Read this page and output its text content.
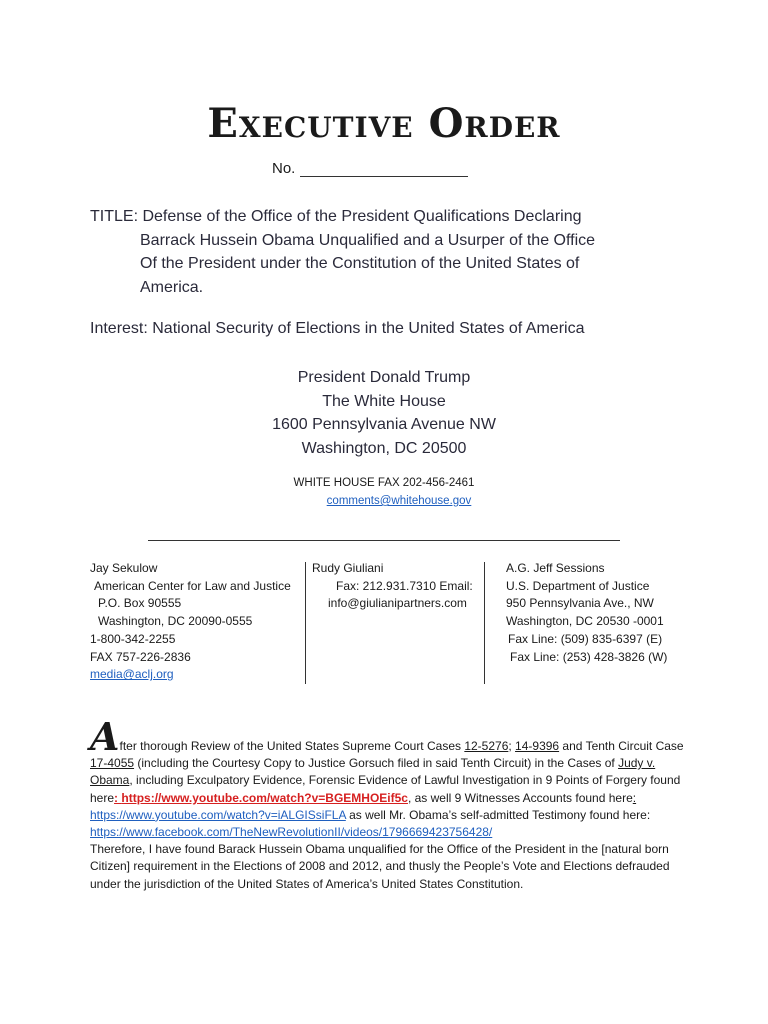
Executive Order
No.
TITLE: Defense of the Office of the President Qualifications Declaring
Barrack Hussein Obama Unqualified and a Usurper of the Office
Of the President under the Constitution of the United States of
America.
Interest: National Security of Elections in the United States of America
President Donald Trump
The White House
1600 Pennsylvania Avenue NW
Washington, DC 20500
WHITE HOUSE FAX 202-456-2461
comments@whitehouse.gov
Jay Sekulow
American Center for Law and Justice
P.O. Box 90555
Washington, DC 20090-0555
1-800-342-2255
FAX 757-226-2836
media@aclj.org
Rudy Giuliani
Fax: 212.931.7310 Email:
info@giulianipartners.com
A.G. Jeff Sessions
U.S. Department of Justice
950 Pennsylvania Ave., NW
Washington, DC 20530 -0001
Fax Line: (509) 835-6397 (E)
Fax Line: (253) 428-3826 (W)
After thorough Review of the United States Supreme Court Cases 12-5276; 14-9396 and Tenth Circuit Case 17-4055 (including the Courtesy Copy to Justice Gorsuch filed in said Tenth Circuit) in the Cases of Judy v. Obama, including Exculpatory Evidence, Forensic Evidence of Lawful Investigation in 9 Points of Forgery found here: https://www.youtube.com/watch?v=BGEMHOEif5c, as well 9 Witnesses Accounts found here: https://www.youtube.com/watch?v=iALGISsiFLA as well Mr. Obama’s self-admitted Testimony found here:
https://www.facebook.com/TheNewRevolutionII/videos/1796669423756428/
Therefore, I have found Barack Hussein Obama unqualified for the Office of the President in the [natural born Citizen] requirement in the Elections of 2008 and 2012, and thusly the People’s Vote and Elections defrauded under the jurisdiction of the United States of America’s United States Constitution.
